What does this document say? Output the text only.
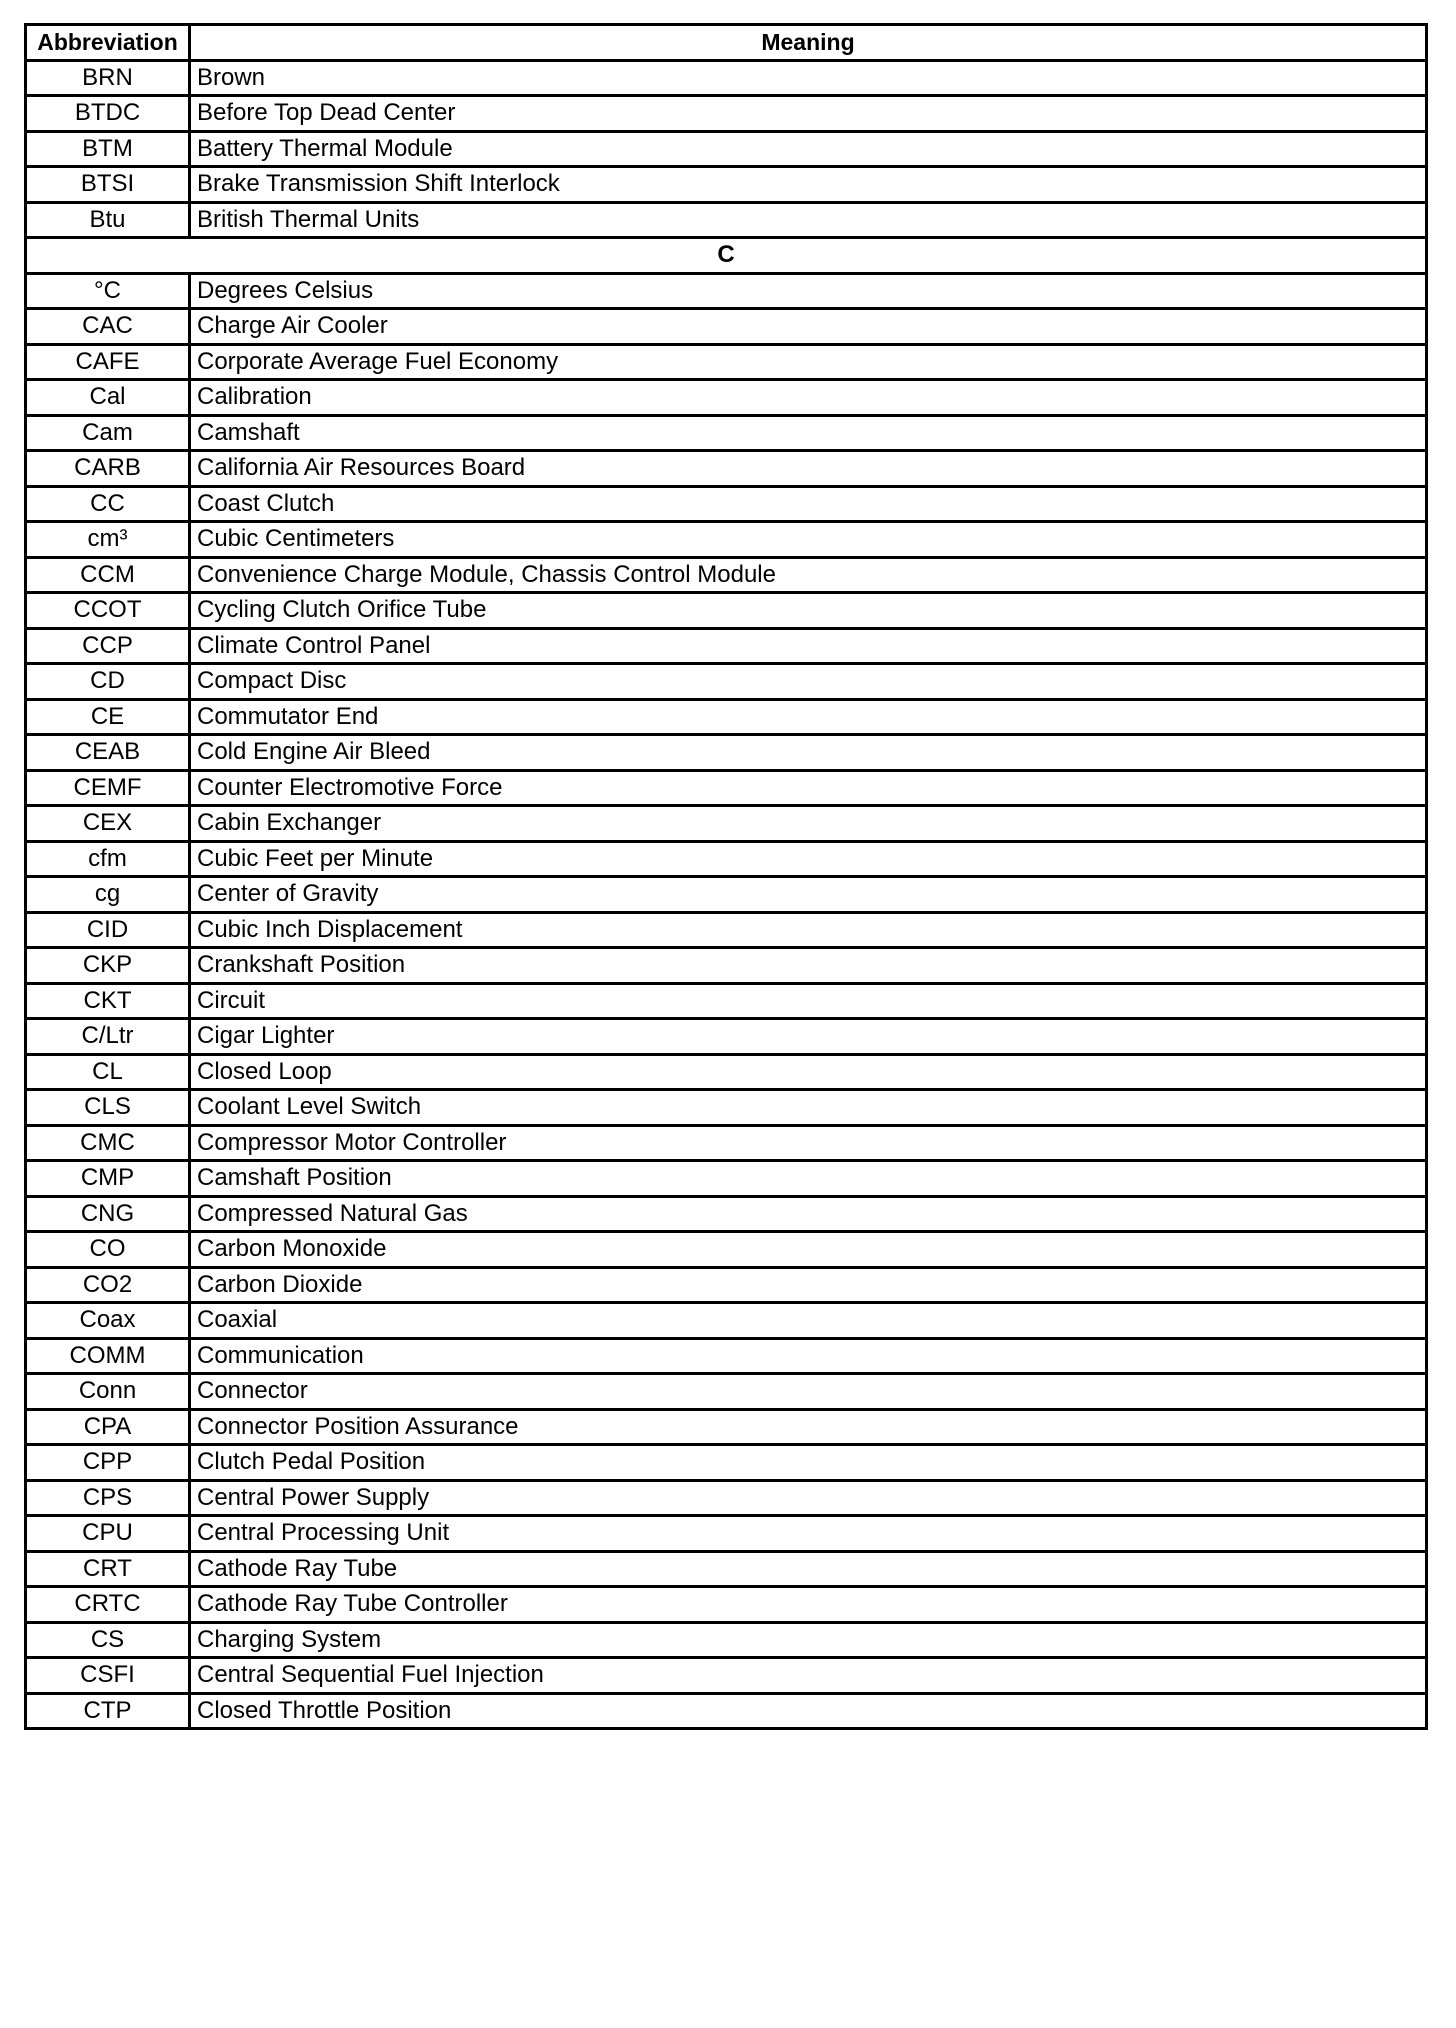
Abbreviation	Meaning
BRN	Brown
BTDC	Before Top Dead Center
BTM	Battery Thermal Module
BTSI	Brake Transmission Shift Interlock
Btu	British Thermal Units
C	
°C	Degrees Celsius
CAC	Charge Air Cooler
CAFE	Corporate Average Fuel Economy
Cal	Calibration
Cam	Camshaft
CARB	California Air Resources Board
CC	Coast Clutch
cm³	Cubic Centimeters
CCM	Convenience Charge Module, Chassis Control Module
CCOT	Cycling Clutch Orifice Tube
CCP	Climate Control Panel
CD	Compact Disc
CE	Commutator End
CEAB	Cold Engine Air Bleed
CEMF	Counter Electromotive Force
CEX	Cabin Exchanger
cfm	Cubic Feet per Minute
cg	Center of Gravity
CID	Cubic Inch Displacement
CKP	Crankshaft Position
CKT	Circuit
C/Ltr	Cigar Lighter
CL	Closed Loop
CLS	Coolant Level Switch
CMC	Compressor Motor Controller
CMP	Camshaft Position
CNG	Compressed Natural Gas
CO	Carbon Monoxide
CO2	Carbon Dioxide
Coax	Coaxial
COMM	Communication
Conn	Connector
CPA	Connector Position Assurance
CPP	Clutch Pedal Position
CPS	Central Power Supply
CPU	Central Processing Unit
CRT	Cathode Ray Tube
CRTC	Cathode Ray Tube Controller
CS	Charging System
CSFI	Central Sequential Fuel Injection
CTP	Closed Throttle Position
